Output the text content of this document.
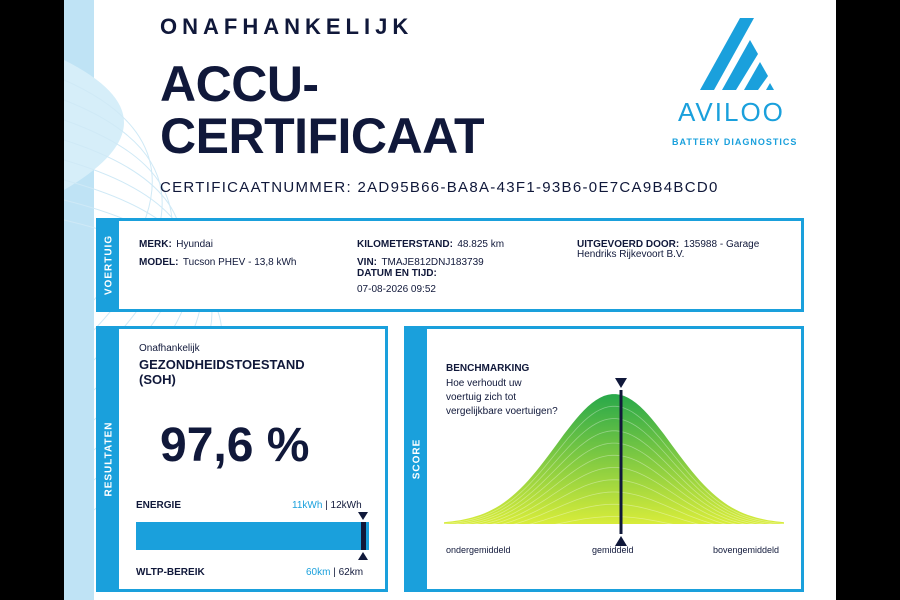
ONAFHANKELIJK
ACCU-
CERTIFICAAT
CERTIFICAATNUMMER: 2AD95B66-BA8A-43F1-93B6-0E7CA9B4BCD0
AVILOO
BATTERY DIAGNOSTICS
VOERTUIG MERK: Hyundai
MODEL: Tucson PHEV - 13,8 kWh
KILOMETERSTAND: 48.825 km
VIN: TMAJE812DNJ183739
DATUM EN TIJD:
07-08-2026 09:52
UITGEVOERD DOOR: 135988 - Garage
Hendriks Rijkevoort B.V.
RESULTATEN
Onafhankelijk
GEZONDHEIDSTOESTAND
(SOH)
97,6 %
ENERGIE	11kWh | 12kWh
WLTP-BEREIK	60km | 62km
SCORE
BENCHMARKING
Hoe verhoudt uw
voertuig zich tot
vergelijkbare voertuigen?
ondergemiddeld	gemiddeld	bovengemiddeld
